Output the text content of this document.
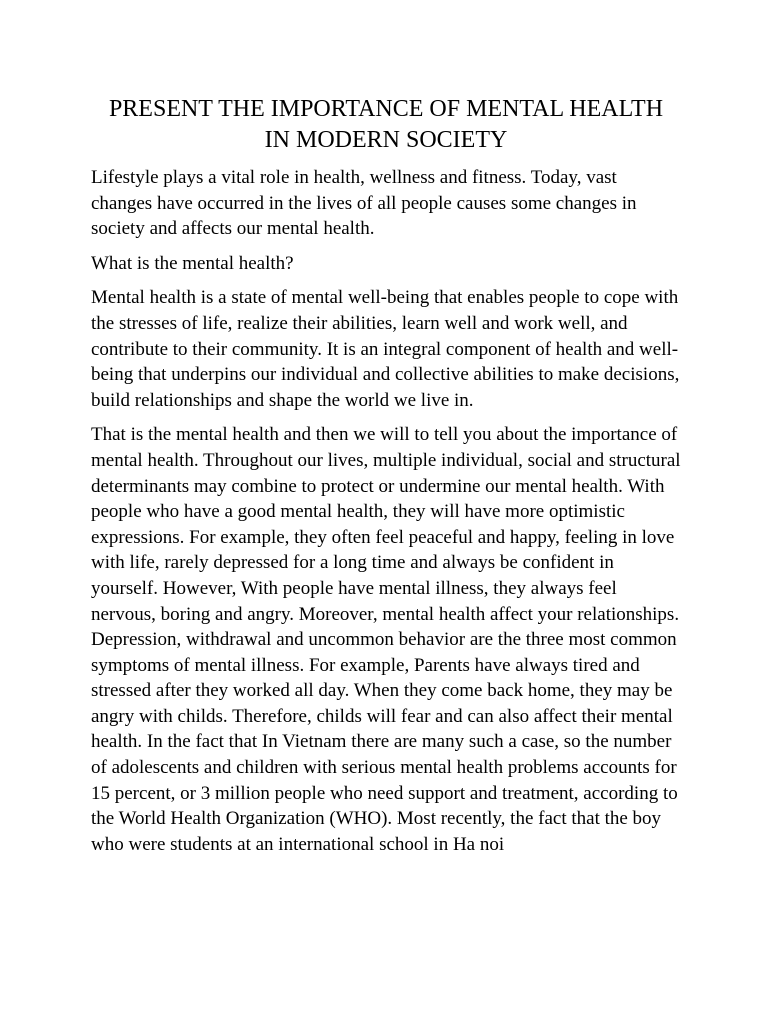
PRESENT THE IMPORTANCE OF MENTAL HEALTH IN MODERN SOCIETY

Lifestyle plays a vital role in health, wellness and fitness. Today, vast changes have occurred in the lives of all people causes some changes in society and affects our mental health.

What is the mental health?

Mental health is a state of mental well-being that enables people to cope with the stresses of life, realize their abilities, learn well and work well, and contribute to their community. It is an integral component of health and well-being that underpins our individual and collective abilities to make decisions, build relationships and shape the world we live in.

That is the mental health and then we will to tell you about the importance of mental health. Throughout our lives, multiple individual, social and structural determinants may combine to protect or undermine our mental health. With people who have a good mental health, they will have more optimistic expressions. For example, they often feel peaceful and happy, feeling in love with life, rarely depressed for a long time and always be confident in yourself. However, With people have mental illness, they always feel nervous, boring and angry. Moreover, mental health affect your relationships. Depression, withdrawal and uncommon behavior are the three most common symptoms of mental illness. For example, Parents have always tired and stressed after they worked all day. When they come back home, they may be angry with childs. Therefore, childs will fear and can also affect their mental health. In the fact that In Vietnam there are many such a case, so the number of adolescents and children with serious mental health problems accounts for 15 percent, or 3 million people who need support and treatment, according to the World Health Organization (WHO). Most recently, the fact that the boy who were students at an international school in Ha noi
